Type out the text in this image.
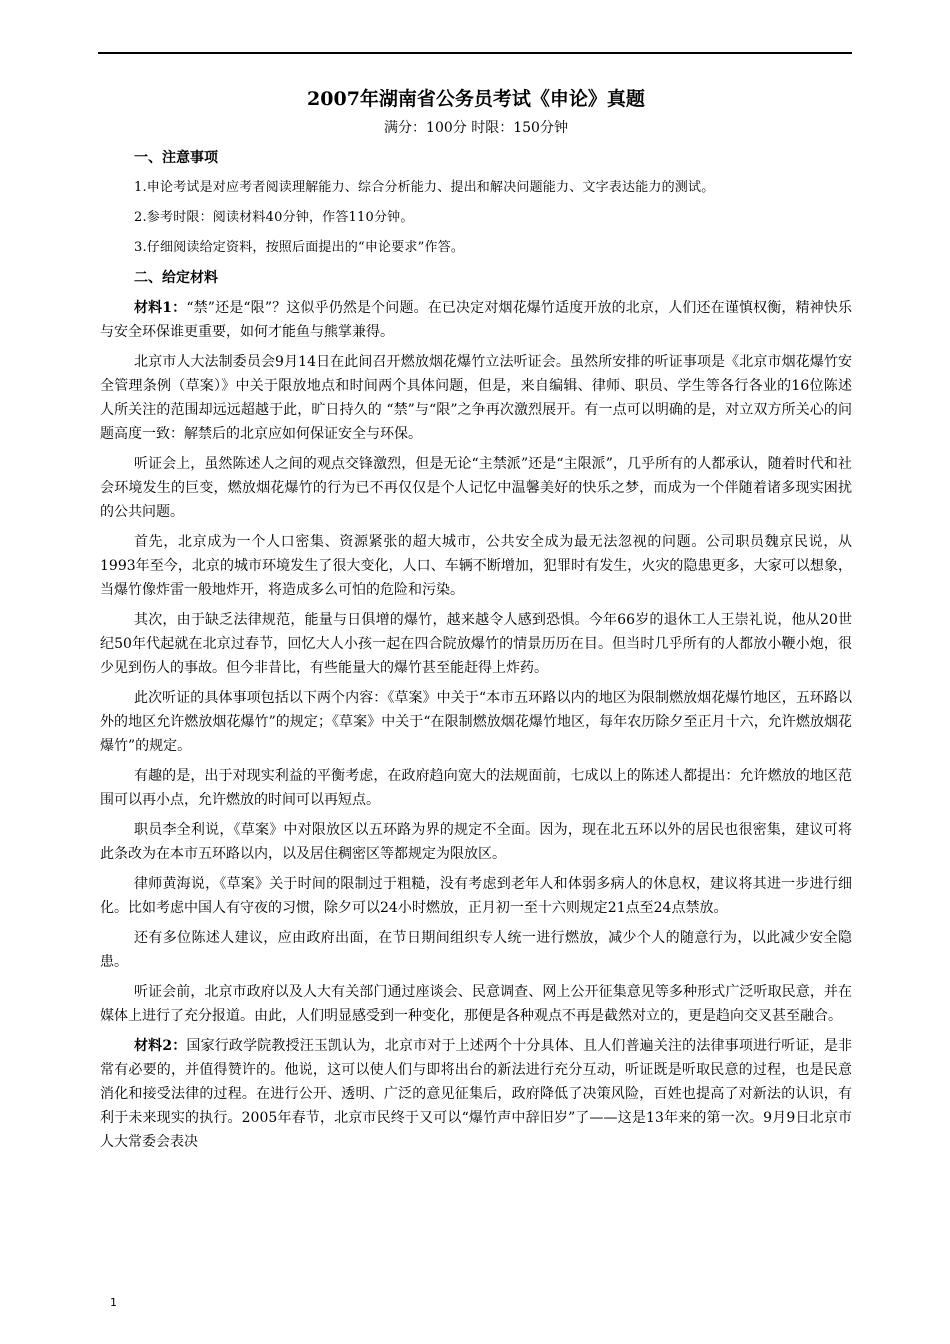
2007年湖南省公务员考试《申论》真题
满分：100分 时限：150分钟
一、注意事项
1.申论考试是对应考者阅读理解能力、综合分析能力、提出和解决问题能力、文字表达能力的测试。
2.参考时限：阅读材料40分钟，作答110分钟。
3.仔细阅读给定资料，按照后面提出的“申论要求”作答。
二、给定材料
材料1：“禁”还是“限”？这似乎仍然是个问题。在已决定对烟花爆竹适度开放的北京，人们还在谨慎权衡，精神快乐与安全环保谁更重要，如何才能鱼与熊掌兼得。
北京市人大法制委员会9月14日在此间召开燃放烟花爆竹立法听证会。虽然所安排的听证事项是《北京市烟花爆竹安全管理条例（草案）》中关于限放地点和时间两个具体问题，但是，来自编辑、律师、职员、学生等各行各业的16位陈述人所关注的范围却远远超越于此，旷日持久的 “禁”与“限”之争再次激烈展开。有一点可以明确的是，对立双方所关心的问题高度一致：解禁后的北京应如何保证安全与环保。
听证会上，虽然陈述人之间的观点交锋激烈，但是无论“主禁派”还是“主限派”，几乎所有的人都承认，随着时代和社会环境发生的巨变，燃放烟花爆竹的行为已不再仅仅是个人记忆中温馨美好的快乐之梦，而成为一个伴随着诸多现实困扰的公共问题。
首先，北京成为一个人口密集、资源紧张的超大城市，公共安全成为最无法忽视的问题。公司职员魏京民说，从1993年至今，北京的城市环境发生了很大变化，人口、车辆不断增加，犯罪时有发生，火灾的隐患更多，大家可以想象，当爆竹像炸雷一般地炸开，将造成多么可怕的危险和污染。
其次，由于缺乏法律规范，能量与日俱增的爆竹，越来越令人感到恐惧。今年66岁的退休工人王崇礼说，他从20世纪50年代起就在北京过春节，回忆大人小孩一起在四合院放爆竹的情景历历在目。但当时几乎所有的人都放小鞭小炮，很少见到伤人的事故。但今非昔比，有些能量大的爆竹甚至能赶得上炸药。
此次听证的具体事项包括以下两个内容：《草案》中关于“本市五环路以内的地区为限制燃放烟花爆竹地区，五环路以外的地区允许燃放烟花爆竹”的规定；《草案》中关于“在限制燃放烟花爆竹地区，每年农历除夕至正月十六，允许燃放烟花爆竹”的规定。
有趣的是，出于对现实利益的平衡考虑，在政府趋向宽大的法规面前，七成以上的陈述人都提出：允许燃放的地区范围可以再小点，允许燃放的时间可以再短点。
职员李全利说，《草案》中对限放区以五环路为界的规定不全面。因为，现在北五环以外的居民也很密集，建议可将此条改为在本市五环路以内，以及居住稠密区等都规定为限放区。
律师黄海说，《草案》关于时间的限制过于粗糙，没有考虑到老年人和体弱多病人的休息权，建议将其进一步进行细化。比如考虑中国人有守夜的习惯，除夕可以24小时燃放，正月初一至十六则规定21点至24点禁放。
还有多位陈述人建议，应由政府出面，在节日期间组织专人统一进行燃放，减少个人的随意行为，以此减少安全隐患。
听证会前，北京市政府以及人大有关部门通过座谈会、民意调查、网上公开征集意见等多种形式广泛听取民意，并在媒体上进行了充分报道。由此，人们明显感受到一种变化，那便是各种观点不再是截然对立的，更是趋向交叉甚至融合。
材料2：国家行政学院教授汪玉凯认为，北京市对于上述两个十分具体、且人们普遍关注的法律事项进行听证，是非常有必要的，并值得赞许的。他说，这可以使人们与即将出台的新法进行充分互动，听证既是听取民意的过程，也是民意消化和接受法律的过程。在进行公开、透明、广泛的意见征集后，政府降低了决策风险，百姓也提高了对新法的认识，有利于未来现实的执行。2005年春节，北京市民终于又可以“爆竹声中辞旧岁”了——这是13年来的第一次。9月9日北京市人大常委会表决
1
